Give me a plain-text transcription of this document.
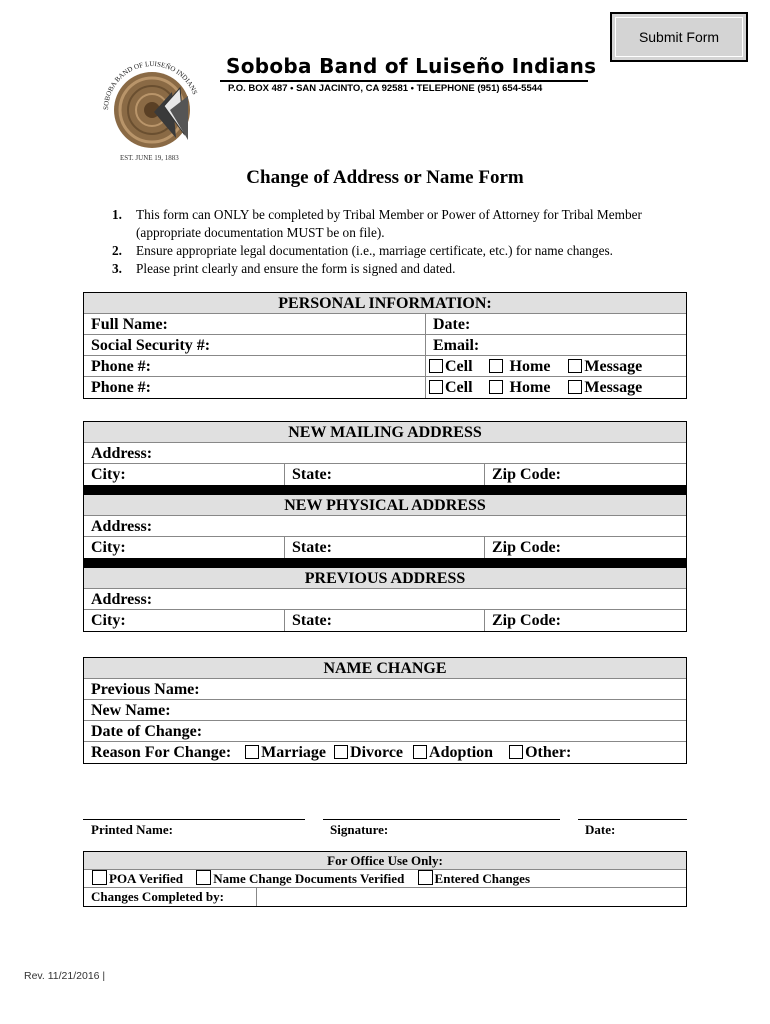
Submit Form
SOBOBA BAND OF LUISEÑO INDIANS
EST. JUNE 19, 1883
Soboba Band of Luiseño Indians
P.O. BOX 487 • SAN JACINTO, CA 92581 • TELEPHONE (951) 654-5544
Change of Address or Name Form
1. This form can ONLY be completed by Tribal Member or Power of Attorney for Tribal Member (appropriate documentation MUST be on file).
2. Ensure appropriate legal documentation (i.e., marriage certificate, etc.) for name changes.
3. Please print clearly and ensure the form is signed and dated.
PERSONAL INFORMATION:
Full Name:	Date:
Social Security #:	Email:
Phone #:	Cell Home Message
Phone #:	Cell Home Message
NEW MAILING ADDRESS
Address:
City:	State:	Zip Code:
NEW PHYSICAL ADDRESS
Address:
City:	State:	Zip Code:
PREVIOUS ADDRESS
Address:
City:	State:	Zip Code:
NAME CHANGE
Previous Name:
New Name:
Date of Change:
Reason For Change: Marriage Divorce Adoption Other:
Printed Name:	Signature:	Date:
For Office Use Only:
POA Verified Name Change Documents Verified Entered Changes
Changes Completed by:
Rev. 11/21/2016 |
